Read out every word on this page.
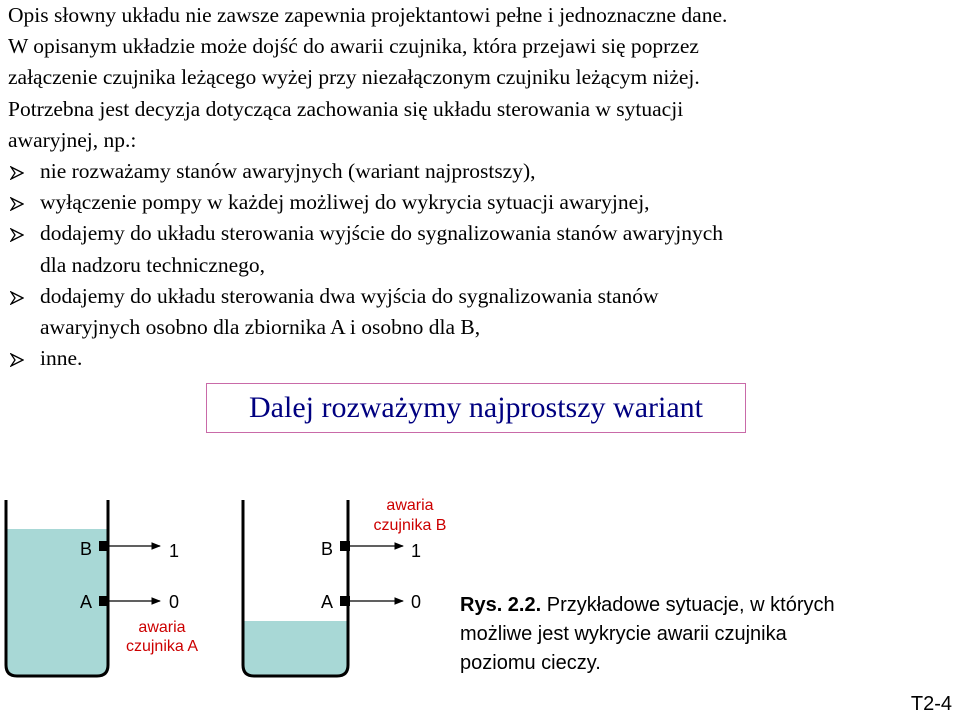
Opis słowny układu nie zawsze zapewnia projektantowi pełne i jednoznaczne dane.
W opisanym układzie może dojść do awarii czujnika, która przejawi się poprzez
załączenie czujnika leżącego wyżej przy niezałączonym czujniku leżącym niżej.
Potrzebna jest decyzja dotycząca zachowania się układu sterowania w sytuacji
awaryjnej, np.:
nie rozważamy stanów awaryjnych (wariant najprostszy),
wyłączenie pompy w każdej możliwej do wykrycia sytuacji awaryjnej,
dodajemy do układu sterowania wyjście do sygnalizowania stanów awaryjnych
dla nadzoru technicznego,
dodajemy do układu sterowania dwa wyjścia do sygnalizowania stanów
awaryjnych osobno dla zbiornika A i osobno dla B,
inne.
Dalej rozważymy najprostszy wariant
B	1
A	0
awaria
czujnika A
B	1
A	0
awaria
czujnika B
Rys. 2.2. Przykładowe sytuacje, w których
możliwe jest wykrycie awarii czujnika
poziomu cieczy.
T2-4
